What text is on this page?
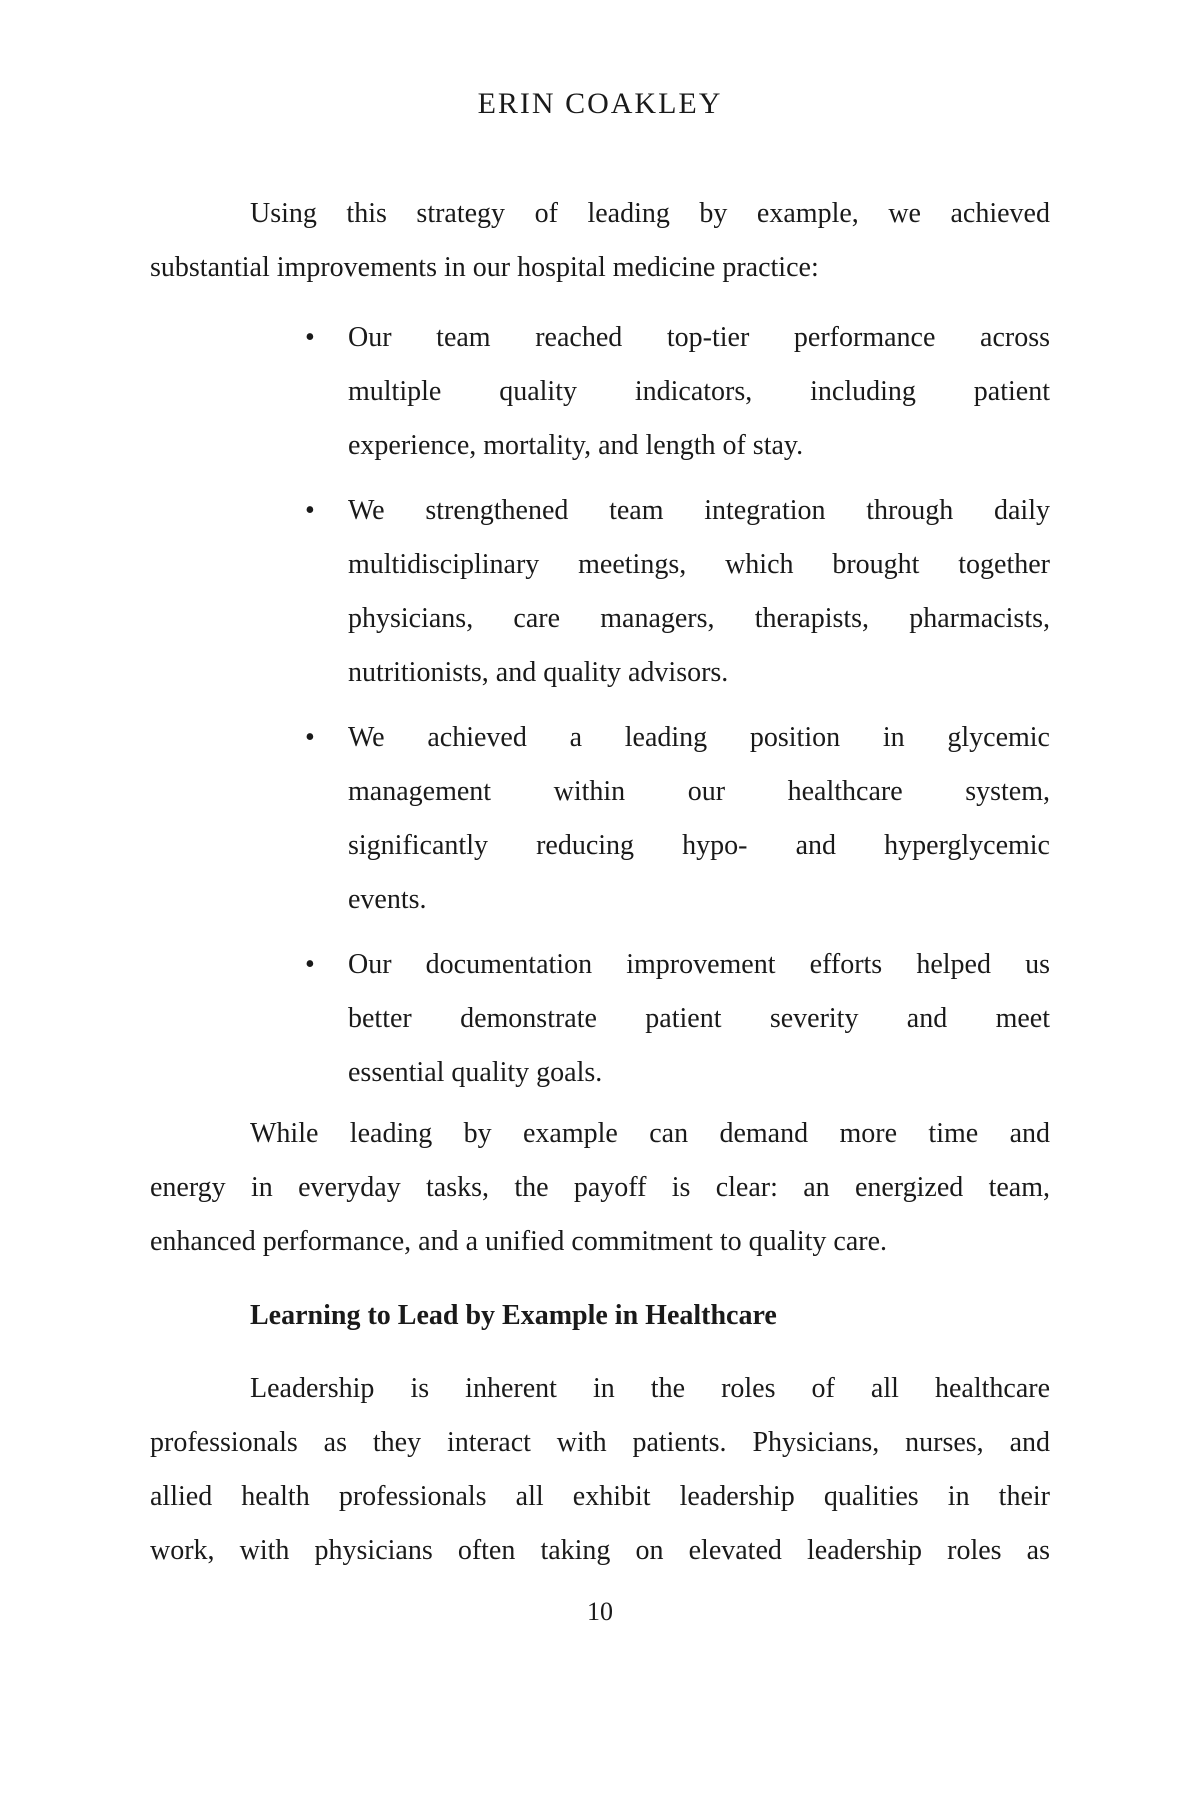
ERIN COAKLEY
Using this strategy of leading by example, we achieved
substantial improvements in our hospital medicine practice:
•	Our team reached top-tier performance across
multiple quality indicators, including patient
experience, mortality, and length of stay.
•	We strengthened team integration through daily
multidisciplinary meetings, which brought together
physicians, care managers, therapists, pharmacists,
nutritionists, and quality advisors.
•	We achieved a leading position in glycemic
management within our healthcare system,
significantly reducing hypo- and hyperglycemic
events.
•	Our documentation improvement efforts helped us
better demonstrate patient severity and meet
essential quality goals.
While leading by example can demand more time and
energy in everyday tasks, the payoff is clear: an energized team,
enhanced performance, and a unified commitment to quality care.
Learning to Lead by Example in Healthcare
Leadership is inherent in the roles of all healthcare
professionals as they interact with patients. Physicians, nurses, and
allied health professionals all exhibit leadership qualities in their
work, with physicians often taking on elevated leadership roles as
10
